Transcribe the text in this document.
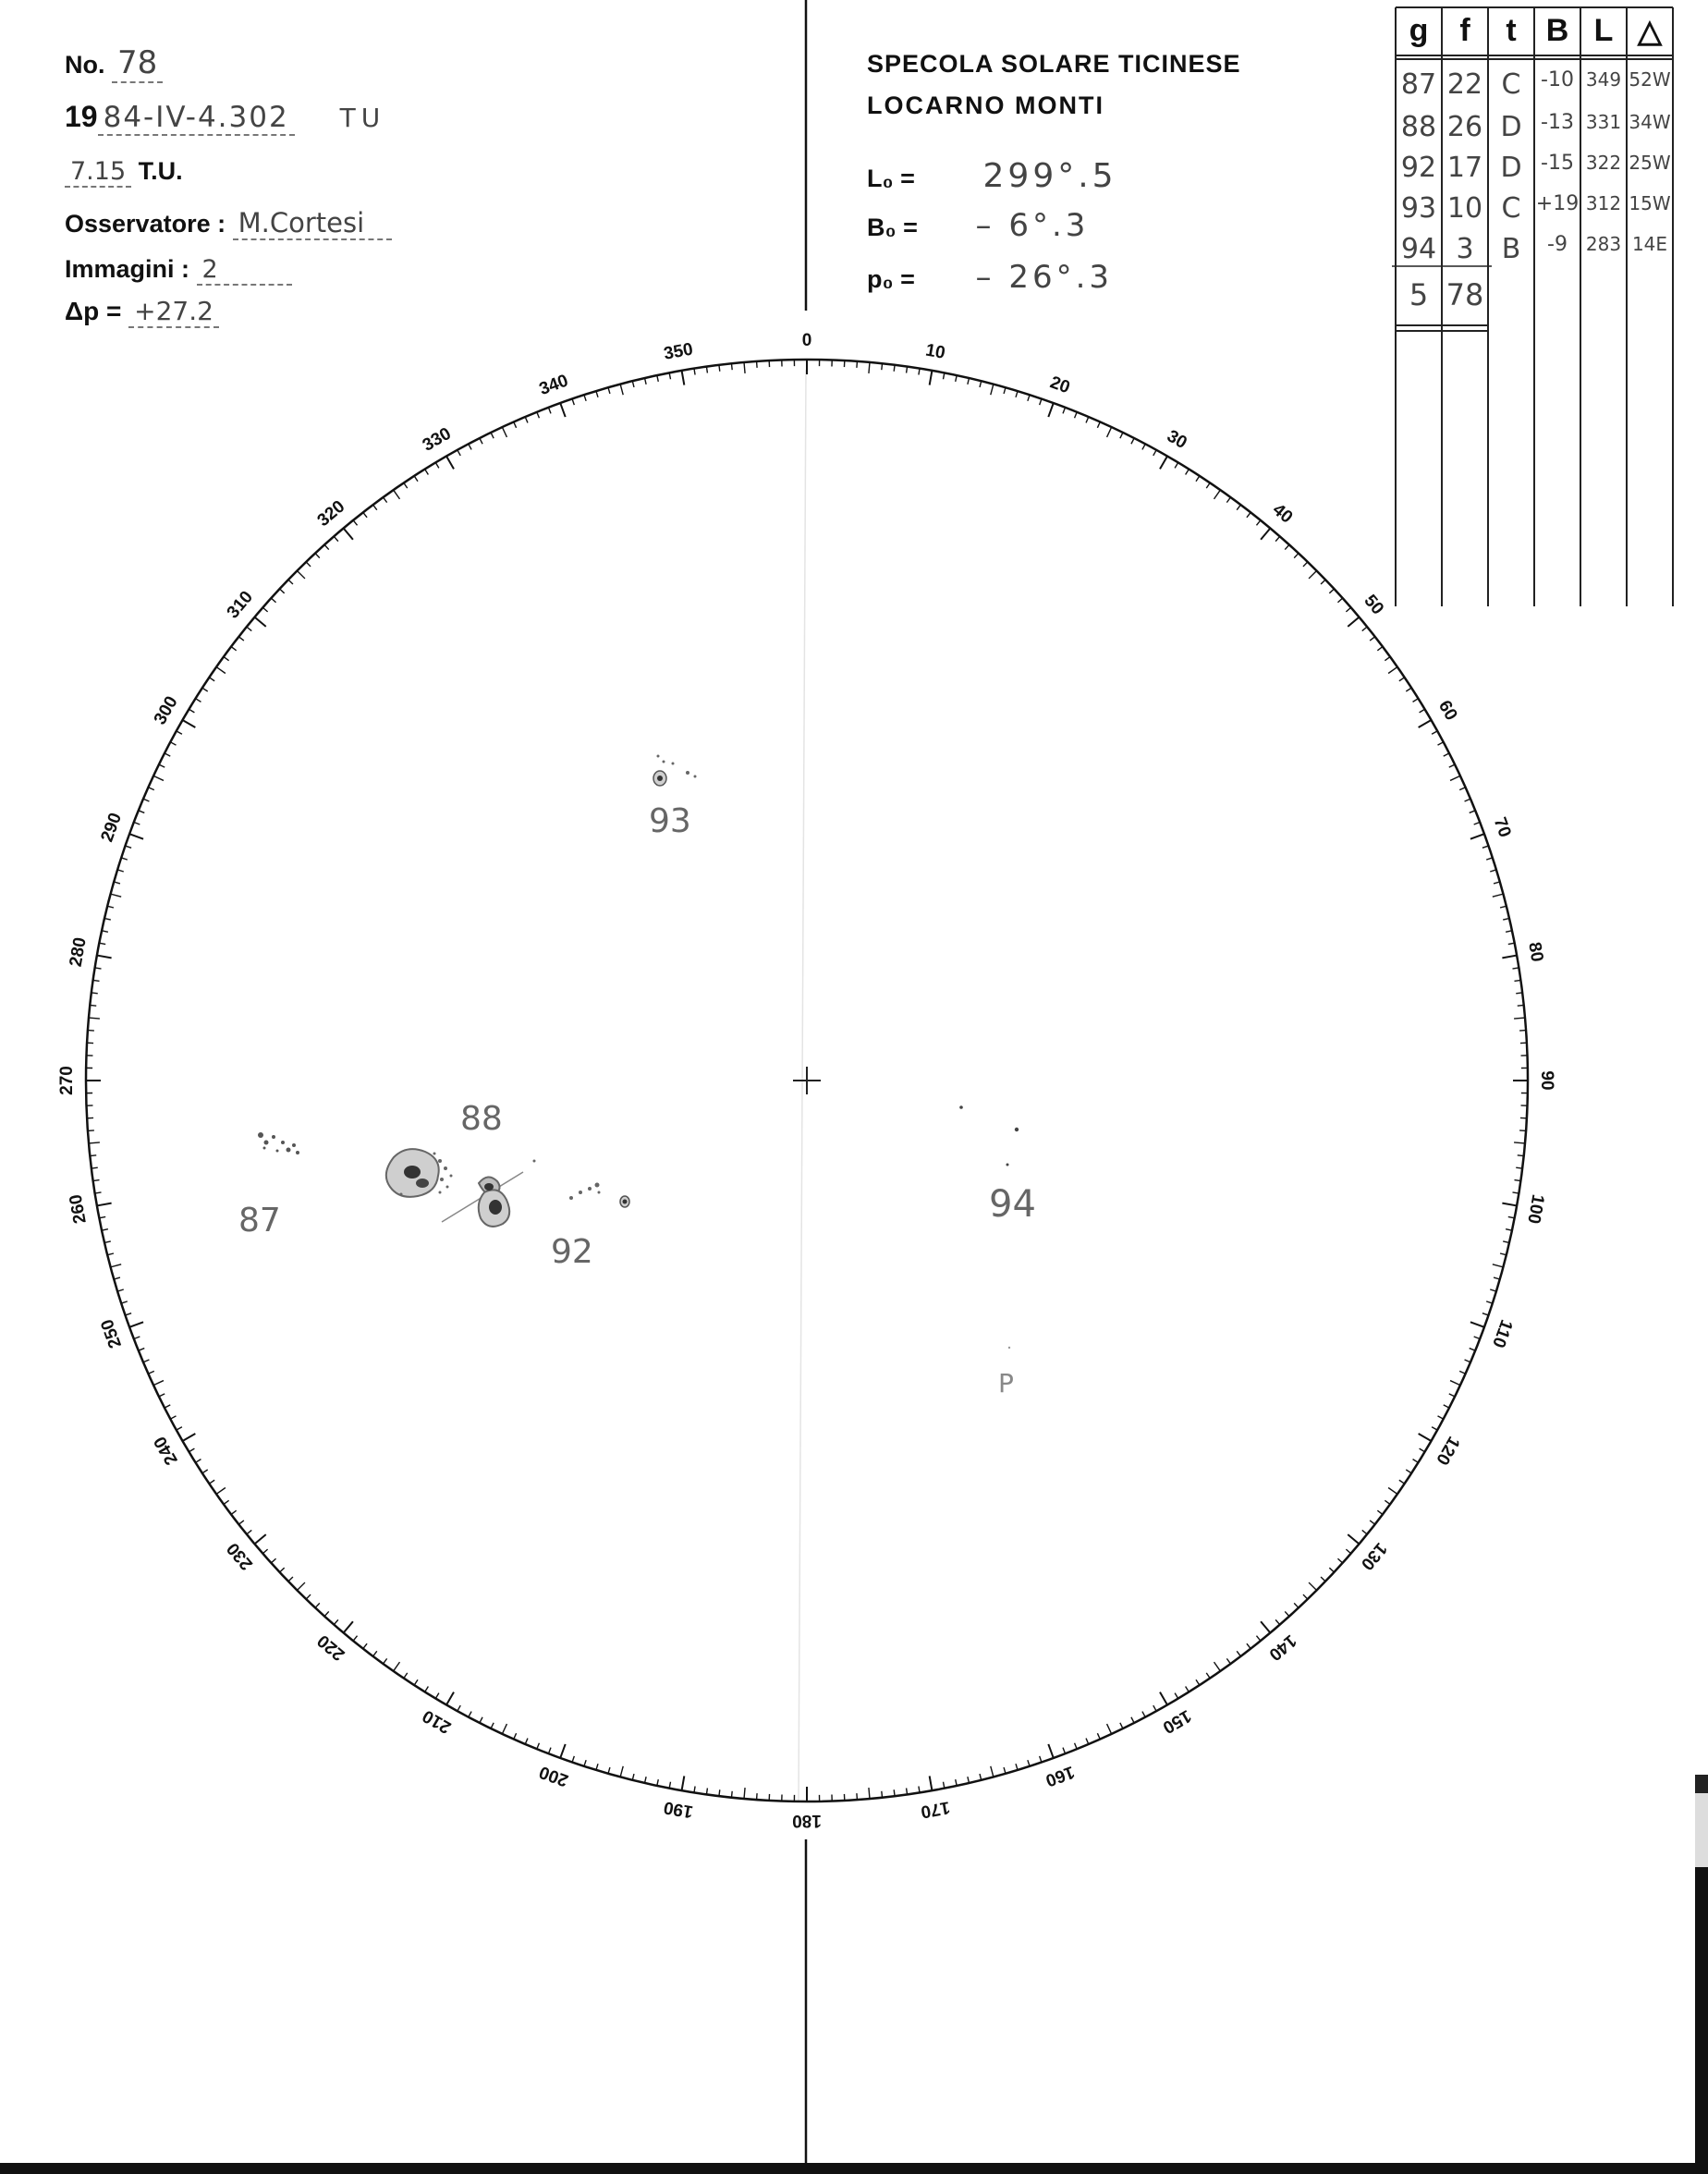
No. 78
19 84-IV-4.302 TU
7.15 T.U.
Osservatore : M.Cortesi
Immagini : 2
Δp = +27.2
SPECOLA SOLARE TICINESE
LOCARNO MONTI
L₀ = 299°.5
B₀ = – 6°.3
p₀ = – 26°.3
0	10
20
30
40
50
60
70
80
90
100
110
120
130
140
150
160
170
180
190
200
210
220
230
240
250
260
270
280
290
300
310
320
330
340
350
g f	t B L △
87 22 C -10 349 52W
88 26 D -13 331 34W
92 17 D -15 322 25W
93 10 C +19 312 15W
94 3	B	-9 283 14E
5 78
87
88
92
93
94
P
